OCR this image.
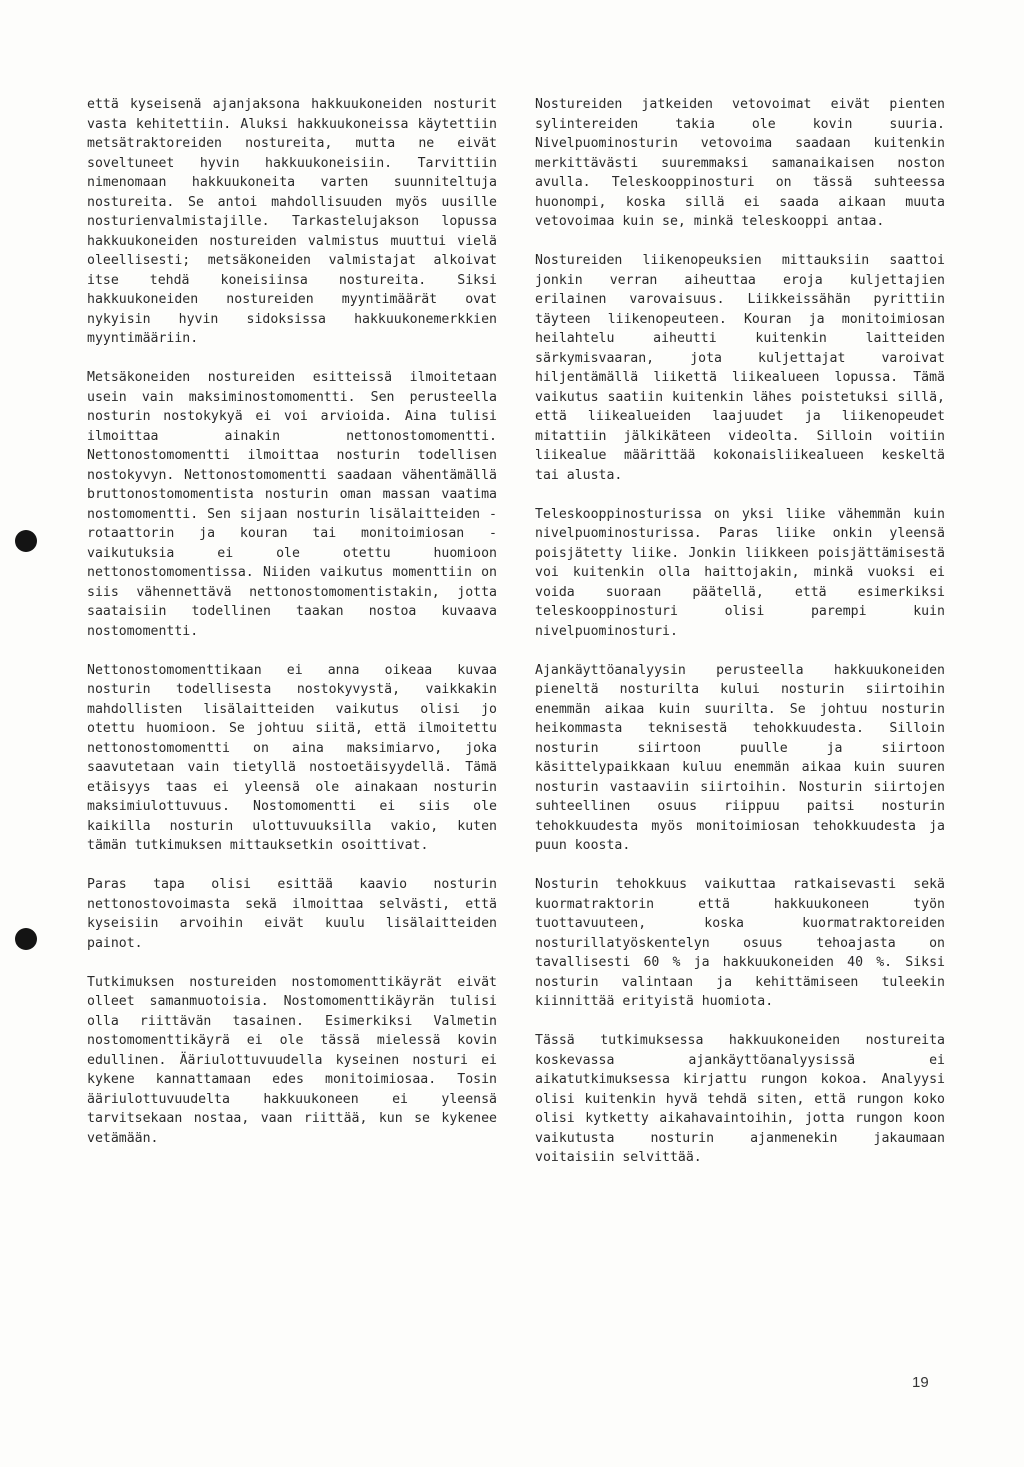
että kyseisenä ajanjaksona hakkuukoneiden nosturit vasta kehitettiin. Aluksi hakkuukoneissa käytettiin metsätraktoreiden nostureita, mutta ne eivät soveltuneet hyvin hakkuukoneisiin. Tarvittiin nimenomaan hakkuukoneita varten suunniteltuja nostureita. Se antoi mahdollisuuden myös uusille nosturienvalmistajille. Tarkastelujakson lopussa hakkuukoneiden nostureiden valmistus muuttui vielä oleellisesti; metsäkoneiden valmistajat alkoivat itse tehdä koneisiinsa nostureita. Siksi hakkuukoneiden nostureiden myyntimäärät ovat nykyisin hyvin sidoksissa hakkuukonemerkkien myyntimääriin.

Metsäkoneiden nostureiden esitteissä ilmoitetaan usein vain maksiminostomomentti. Sen perusteella nosturin nostokykyä ei voi arvioida. Aina tulisi ilmoittaa ainakin nettonostomomentti. Nettonostomomentti ilmoittaa nosturin todellisen nostokyvyn. Nettonostomomentti saadaan vähentämällä bruttonostomomentista nosturin oman massan vaatima nostomomentti. Sen sijaan nosturin lisälaitteiden - rotaattorin ja kouran tai monitoimiosan - vaikutuksia ei ole otettu huomioon nettonostomomentissa. Niiden vaikutus momenttiin on siis vähennettävä nettonostomomentistakin, jotta saataisiin todellinen taakan nostoa kuvaava nostomomentti.

Nettonostomomenttikaan ei anna oikeaa kuvaa nosturin todellisesta nostokyvystä, vaikkakin mahdollisten lisälaitteiden vaikutus olisi jo otettu huomioon. Se johtuu siitä, että ilmoitettu nettonostomomentti on aina maksimiarvo, joka saavutetaan vain tietyllä nostoetäisyydellä. Tämä etäisyys taas ei yleensä ole ainakaan nosturin maksimiulottuvuus. Nostomomentti ei siis ole kaikilla nosturin ulottuvuuksilla vakio, kuten tämän tutkimuksen mittauksetkin osoittivat.

Paras tapa olisi esittää kaavio nosturin nettonostovoimasta sekä ilmoittaa selvästi, että kyseisiin arvoihin eivät kuulu lisälaitteiden painot.

Tutkimuksen nostureiden nostomomenttikäyrät eivät olleet samanmuotoisia. Nostomomenttikäyrän tulisi olla riittävän tasainen. Esimerkiksi Valmetin nostomomenttikäyrä ei ole tässä mielessä kovin edullinen. Ääriulottuvuudella kyseinen nosturi ei kykene kannattamaan edes monitoimiosaa. Tosin ääriulottuvuudelta hakkuukoneen ei yleensä tarvitsekaan nostaa, vaan riittää, kun se kykenee vetämään.

Nostureiden jatkeiden vetovoimat eivät pienten sylintereiden takia ole kovin suuria. Nivelpuominosturin vetovoima saadaan kuitenkin merkittävästi suuremmaksi samanaikaisen noston avulla. Teleskooppinosturi on tässä suhteessa huonompi, koska sillä ei saada aikaan muuta vetovoimaa kuin se, minkä teleskooppi antaa.

Nostureiden liikenopeuksien mittauksiin saattoi jonkin verran aiheuttaa eroja kuljettajien erilainen varovaisuus. Liikkeissähän pyrittiin täyteen liikenopeuteen. Kouran ja monitoimiosan heilahtelu aiheutti kuitenkin laitteiden särkymisvaaran, jota kuljettajat varoivat hiljentämällä liikettä liikealueen lopussa. Tämä vaikutus saatiin kuitenkin lähes poistetuksi sillä, että liikealueiden laajuudet ja liikenopeudet mitattiin jälkikäteen videolta. Silloin voitiin liikealue määrittää kokonaisliikealueen keskeltä tai alusta.

Teleskooppinosturissa on yksi liike vähemmän kuin nivelpuominosturissa. Paras liike onkin yleensä poisjätetty liike. Jonkin liikkeen poisjättämisestä voi kuitenkin olla haittojakin, minkä vuoksi ei voida suoraan päätellä, että esimerkiksi teleskooppinosturi olisi parempi kuin nivelpuominosturi.

Ajankäyttöanalyysin perusteella hakkuukoneiden pieneltä nosturilta kului nosturin siirtoihin enemmän aikaa kuin suurilta. Se johtuu nosturin heikommasta teknisestä tehokkuudesta. Silloin nosturin siirtoon puulle ja siirtoon käsittelypaikkaan kuluu enemmän aikaa kuin suuren nosturin vastaaviin siirtoihin. Nosturin siirtojen suhteellinen osuus riippuu paitsi nosturin tehokkuudesta myös monitoimiosan tehokkuudesta ja puun koosta.

Nosturin tehokkuus vaikuttaa ratkaisevasti sekä kuormatraktorin että hakkuukoneen työn tuottavuuteen, koska kuormatraktoreiden nosturillatyöskentelyn osuus tehoajasta on tavallisesti 60 % ja hakkuukoneiden 40 %. Siksi nosturin valintaan ja kehittämiseen tuleekin kiinnittää erityistä huomiota.

Tässä tutkimuksessa hakkuukoneiden nostureita koskevassa ajankäyttöanalyysissä ei aikatutkimuksessa kirjattu rungon kokoa. Analyysi olisi kuitenkin hyvä tehdä siten, että rungon koko olisi kytketty aikahavaintoihin, jotta rungon koon vaikutusta nosturin ajanmenekin jakaumaan voitaisiin selvittää.

19
